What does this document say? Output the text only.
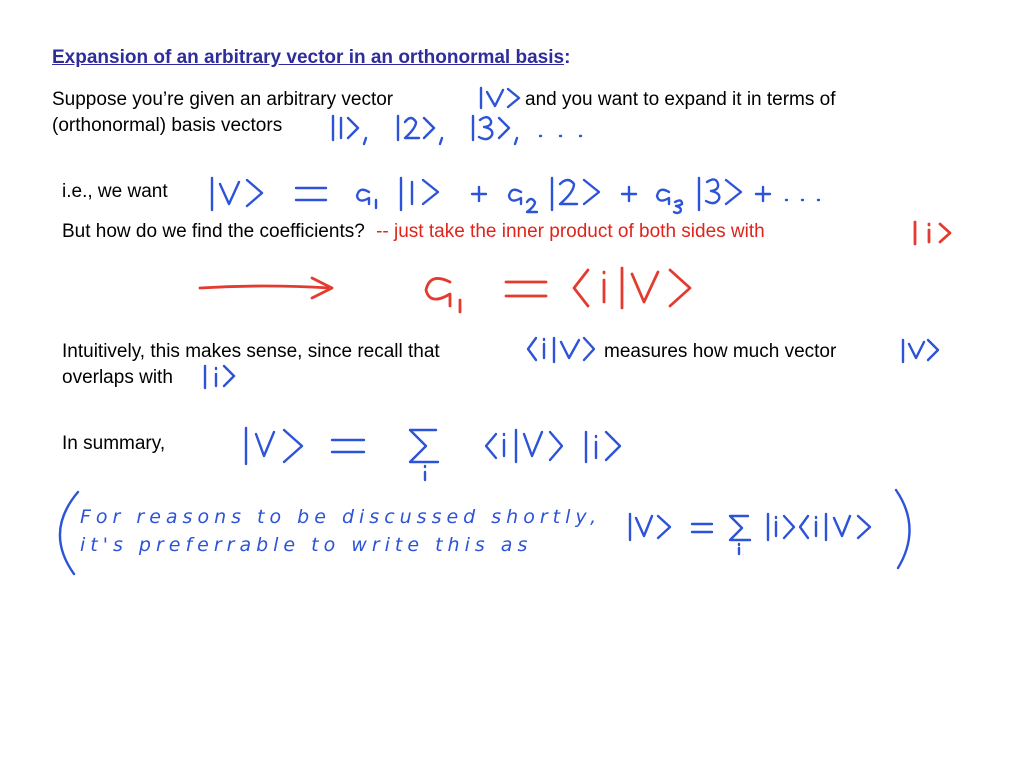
Expansion of an arbitrary vector in an orthonormal basis:
Suppose you’re given an arbitrary vector	and you want to expand it in terms of
(orthonormal) basis vectors
i.e., we want
But how do we find the coefficients? -- just take the inner product of both sides with
Intuitively, this makes sense, since recall that	measures how much vector
overlaps with
In summary,
For reasons to be discussed shortly,
it's preferrable to write this as
